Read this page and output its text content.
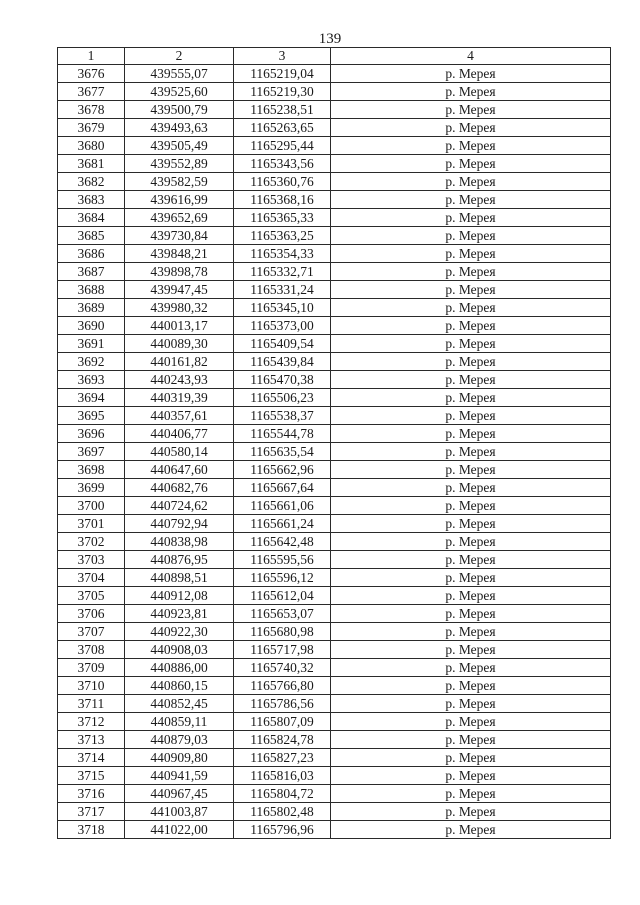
139
1	2	3	4
3676	439555,07	1165219,04	р. Мерея
3677	439525,60	1165219,30	р. Мерея
3678	439500,79	1165238,51	р. Мерея
3679	439493,63	1165263,65	р. Мерея
3680	439505,49	1165295,44	р. Мерея
3681	439552,89	1165343,56	р. Мерея
3682	439582,59	1165360,76	р. Мерея
3683	439616,99	1165368,16	р. Мерея
3684	439652,69	1165365,33	р. Мерея
3685	439730,84	1165363,25	р. Мерея
3686	439848,21	1165354,33	р. Мерея
3687	439898,78	1165332,71	р. Мерея
3688	439947,45	1165331,24	р. Мерея
3689	439980,32	1165345,10	р. Мерея
3690	440013,17	1165373,00	р. Мерея
3691	440089,30	1165409,54	р. Мерея
3692	440161,82	1165439,84	р. Мерея
3693	440243,93	1165470,38	р. Мерея
3694	440319,39	1165506,23	р. Мерея
3695	440357,61	1165538,37	р. Мерея
3696	440406,77	1165544,78	р. Мерея
3697	440580,14	1165635,54	р. Мерея
3698	440647,60	1165662,96	р. Мерея
3699	440682,76	1165667,64	р. Мерея
3700	440724,62	1165661,06	р. Мерея
3701	440792,94	1165661,24	р. Мерея
3702	440838,98	1165642,48	р. Мерея
3703	440876,95	1165595,56	р. Мерея
3704	440898,51	1165596,12	р. Мерея
3705	440912,08	1165612,04	р. Мерея
3706	440923,81	1165653,07	р. Мерея
3707	440922,30	1165680,98	р. Мерея
3708	440908,03	1165717,98	р. Мерея
3709	440886,00	1165740,32	р. Мерея
3710	440860,15	1165766,80	р. Мерея
3711	440852,45	1165786,56	р. Мерея
3712	440859,11	1165807,09	р. Мерея
3713	440879,03	1165824,78	р. Мерея
3714	440909,80	1165827,23	р. Мерея
3715	440941,59	1165816,03	р. Мерея
3716	440967,45	1165804,72	р. Мерея
3717	441003,87	1165802,48	р. Мерея
3718	441022,00	1165796,96	р. Мерея
